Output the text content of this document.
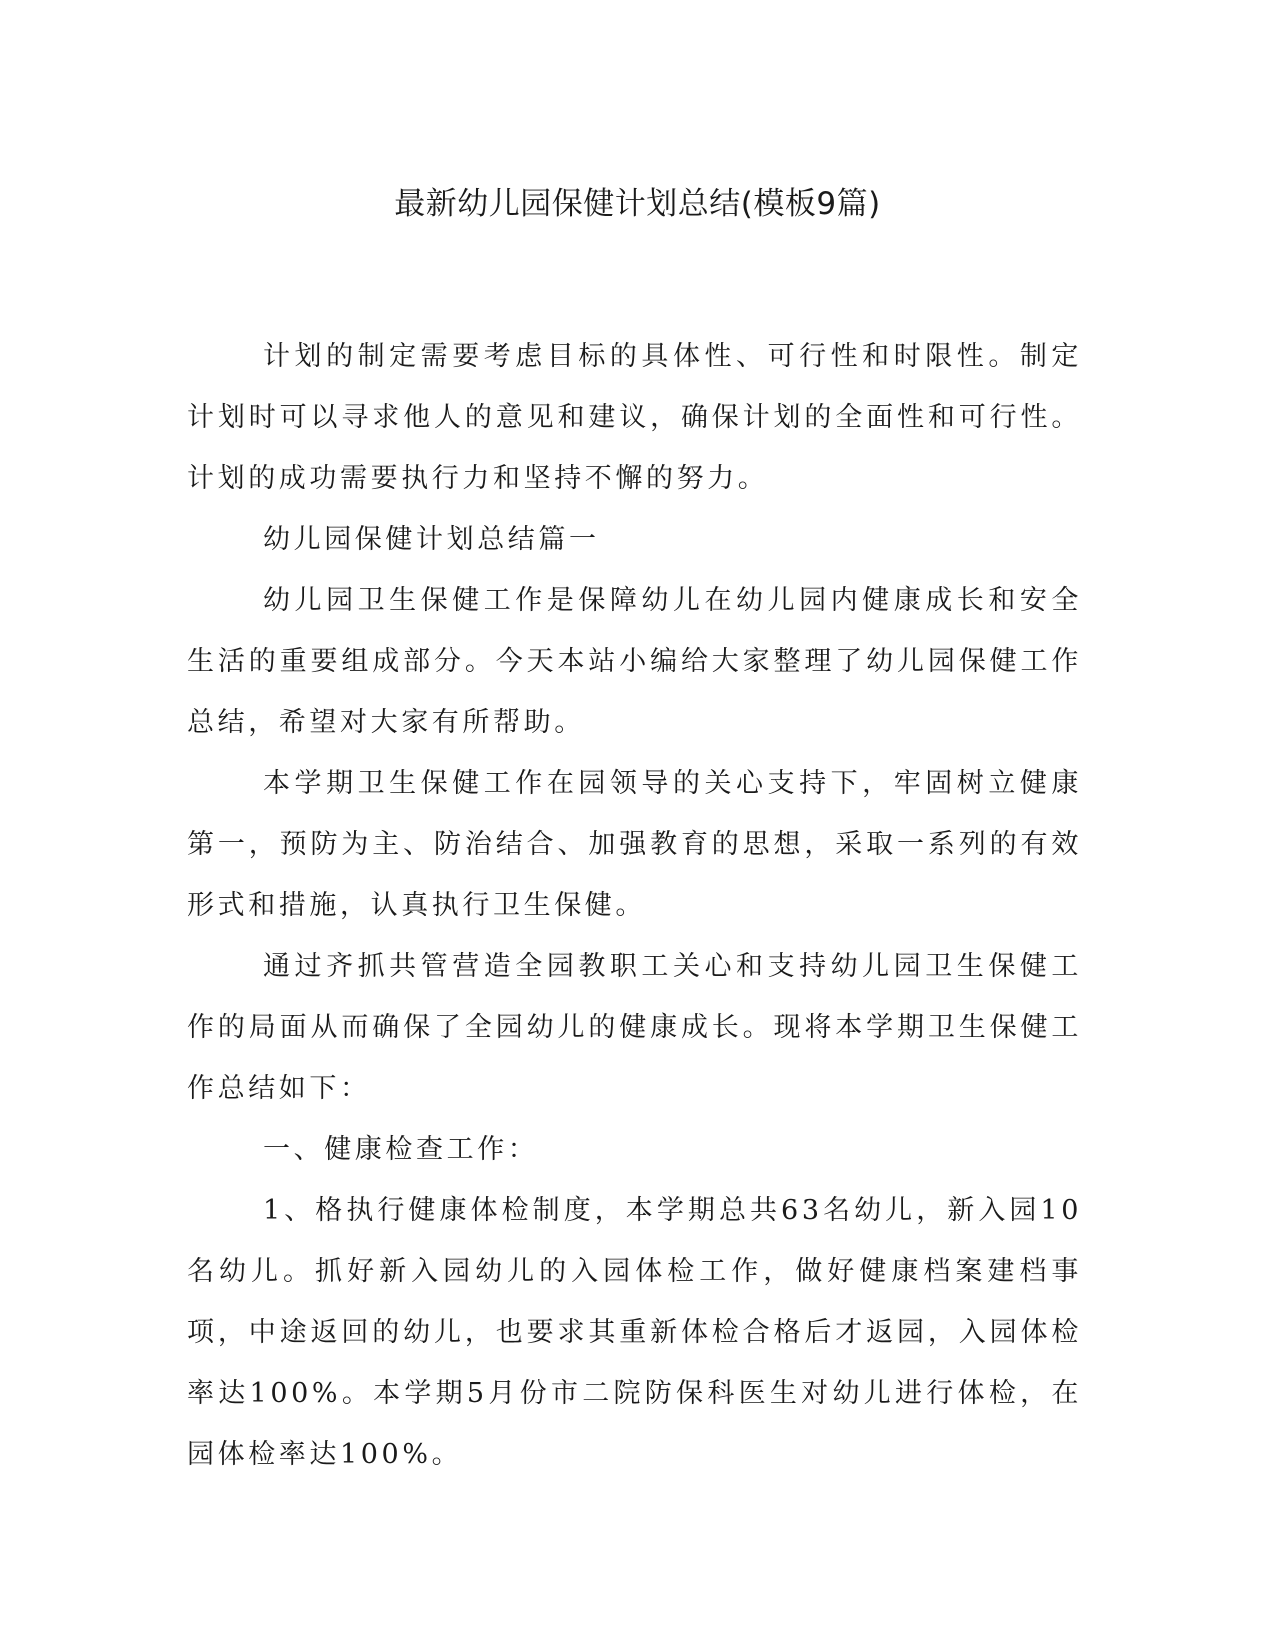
最新幼儿园保健计划总结(模板9篇)

计划的制定需要考虑目标的具体性、可行性和时限性。制定计划时可以寻求他人的意见和建议，确保计划的全面性和可行性。计划的成功需要执行力和坚持不懈的努力。

幼儿园保健计划总结篇一

幼儿园卫生保健工作是保障幼儿在幼儿园内健康成长和安全生活的重要组成部分。今天本站小编给大家整理了幼儿园保健工作总结，希望对大家有所帮助。

本学期卫生保健工作在园领导的关心支持下，牢固树立健康第一，预防为主、防治结合、加强教育的思想，采取一系列的有效形式和措施，认真执行卫生保健。

通过齐抓共管营造全园教职工关心和支持幼儿园卫生保健工作的局面从而确保了全园幼儿的健康成长。现将本学期卫生保健工作总结如下：

一、健康检查工作：

1、格执行健康体检制度，本学期总共63名幼儿，新入园10名幼儿。抓好新入园幼儿的入园体检工作，做好健康档案建档事项，中途返回的幼儿，也要求其重新体检合格后才返园，入园体检率达100%。本学期5月份市二院防保科医生对幼儿进行体检，在园体检率达100%。
